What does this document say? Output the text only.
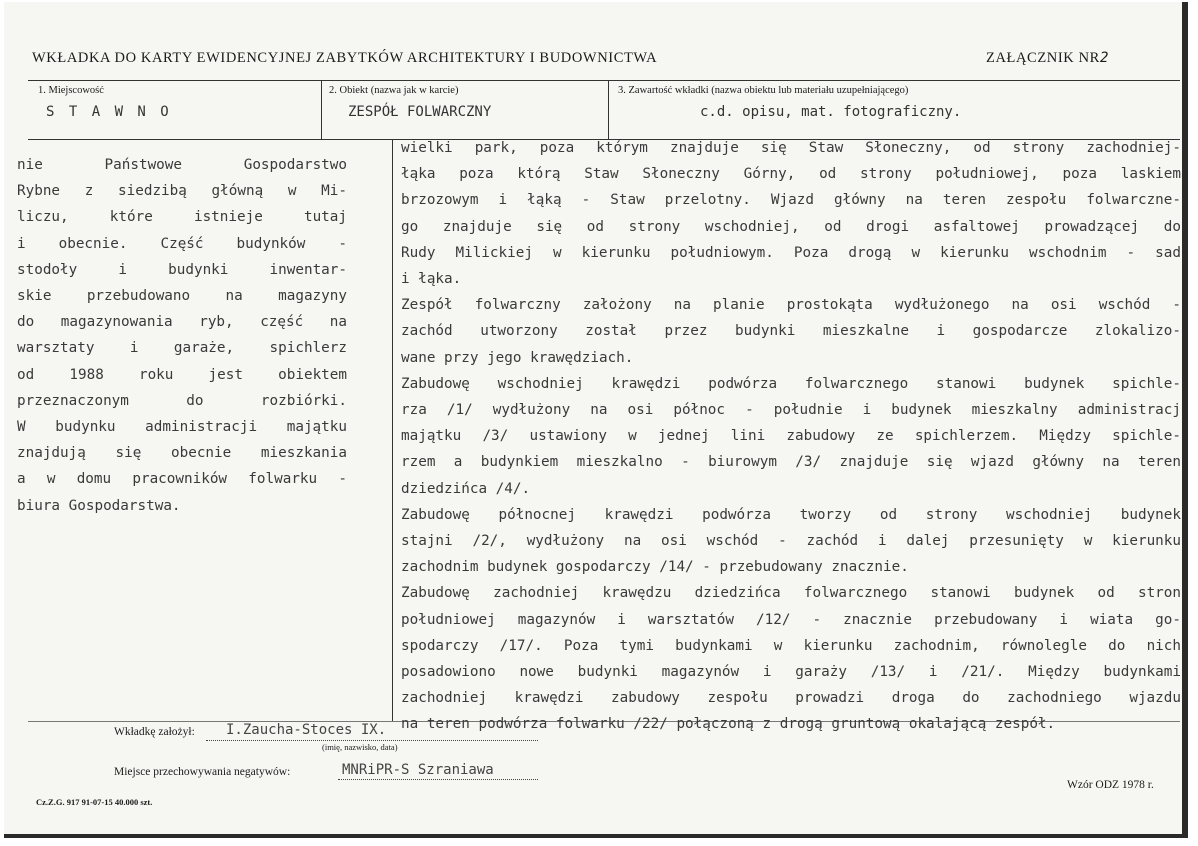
WKŁADKA DO KARTY EWIDENCYJNEJ ZABYTKÓW ARCHITEKTURY I BUDOWNICTWA	ZAŁĄCZNIK NR2
1. Miejscowość
S T A W N O
2. Obiekt (nazwa jak w karcie)
ZESPÓŁ FOLWARCZNY
3. Zawartość wkładki (nazwa obiektu lub materiału uzupełniającego)
c.d. opisu, mat. fotograficzny.
nie Państwowe Gospodarstwo
Rybne z siedzibą główną w Mi-
liczu, które istnieje tutaj
i obecnie. Część budynków -
stodoły i budynki inwentar-
skie przebudowano na magazyny
do magazynowania ryb, część na
warsztaty i garaże, spichlerz
od 1988 roku jest obiektem
przeznaczonym do rozbiórki.
W budynku administracji majątku
znajdują się obecnie mieszkania
a w domu pracowników folwarku -
biura Gospodarstwa.
wielki park, poza którym znajduje się Staw Słoneczny, od strony zachodniej-
łąka poza którą Staw Słoneczny Górny, od strony południowej, poza laskiem
brzozowym i łąką - Staw przelotny. Wjazd główny na teren zespołu folwarczne-
go znajduje się od strony wschodniej, od drogi asfaltowej prowadzącej do
Rudy Milickiej w kierunku południowym. Poza drogą w kierunku wschodnim - sad
i łąka.
Zespół folwarczny założony na planie prostokąta wydłużonego na osi wschód -
zachód utworzony został przez budynki mieszkalne i gospodarcze zlokalizo-
wane przy jego krawędziach.
Zabudowę wschodniej krawędzi podwórza folwarcznego stanowi budynek spichle-
rza /1/ wydłużony na osi północ - południe i budynek mieszkalny administracj
majątku /3/ ustawiony w jednej lini zabudowy ze spichlerzem. Między spichle-
rzem a budynkiem mieszkalno - biurowym /3/ znajduje się wjazd główny na teren
dziedzińca /4/.
Zabudowę północnej krawędzi podwórza tworzy od strony wschodniej budynek
stajni /2/, wydłużony na osi wschód - zachód i dalej przesunięty w kierunku
zachodnim budynek gospodarczy /14/ - przebudowany znacznie.
Zabudowę zachodniej krawędzu dziedzińca folwarcznego stanowi budynek od stron
południowej magazynów i warsztatów /12/ - znacznie przebudowany i wiata go-
spodarczy /17/. Poza tymi budynkami w kierunku zachodnim, równolegle do nich
posadowiono nowe budynki magazynów i garaży /13/ i /21/. Między budynkami
zachodniej krawędzi zabudowy zespołu prowadzi droga do zachodniego wjazdu
na teren podwórza folwarku /22/ połączoną z drogą gruntową okalającą zespół.
Wkładkę założył: I.Zaucha-Stoces IX.
(imię, nazwisko, data)
Miejsce przechowywania negatywów:	MNRiPR-S Szraniawa
Cz.Z.G. 917 91-07-15 40.000 szt.
Wzór ODZ 1978 r.
